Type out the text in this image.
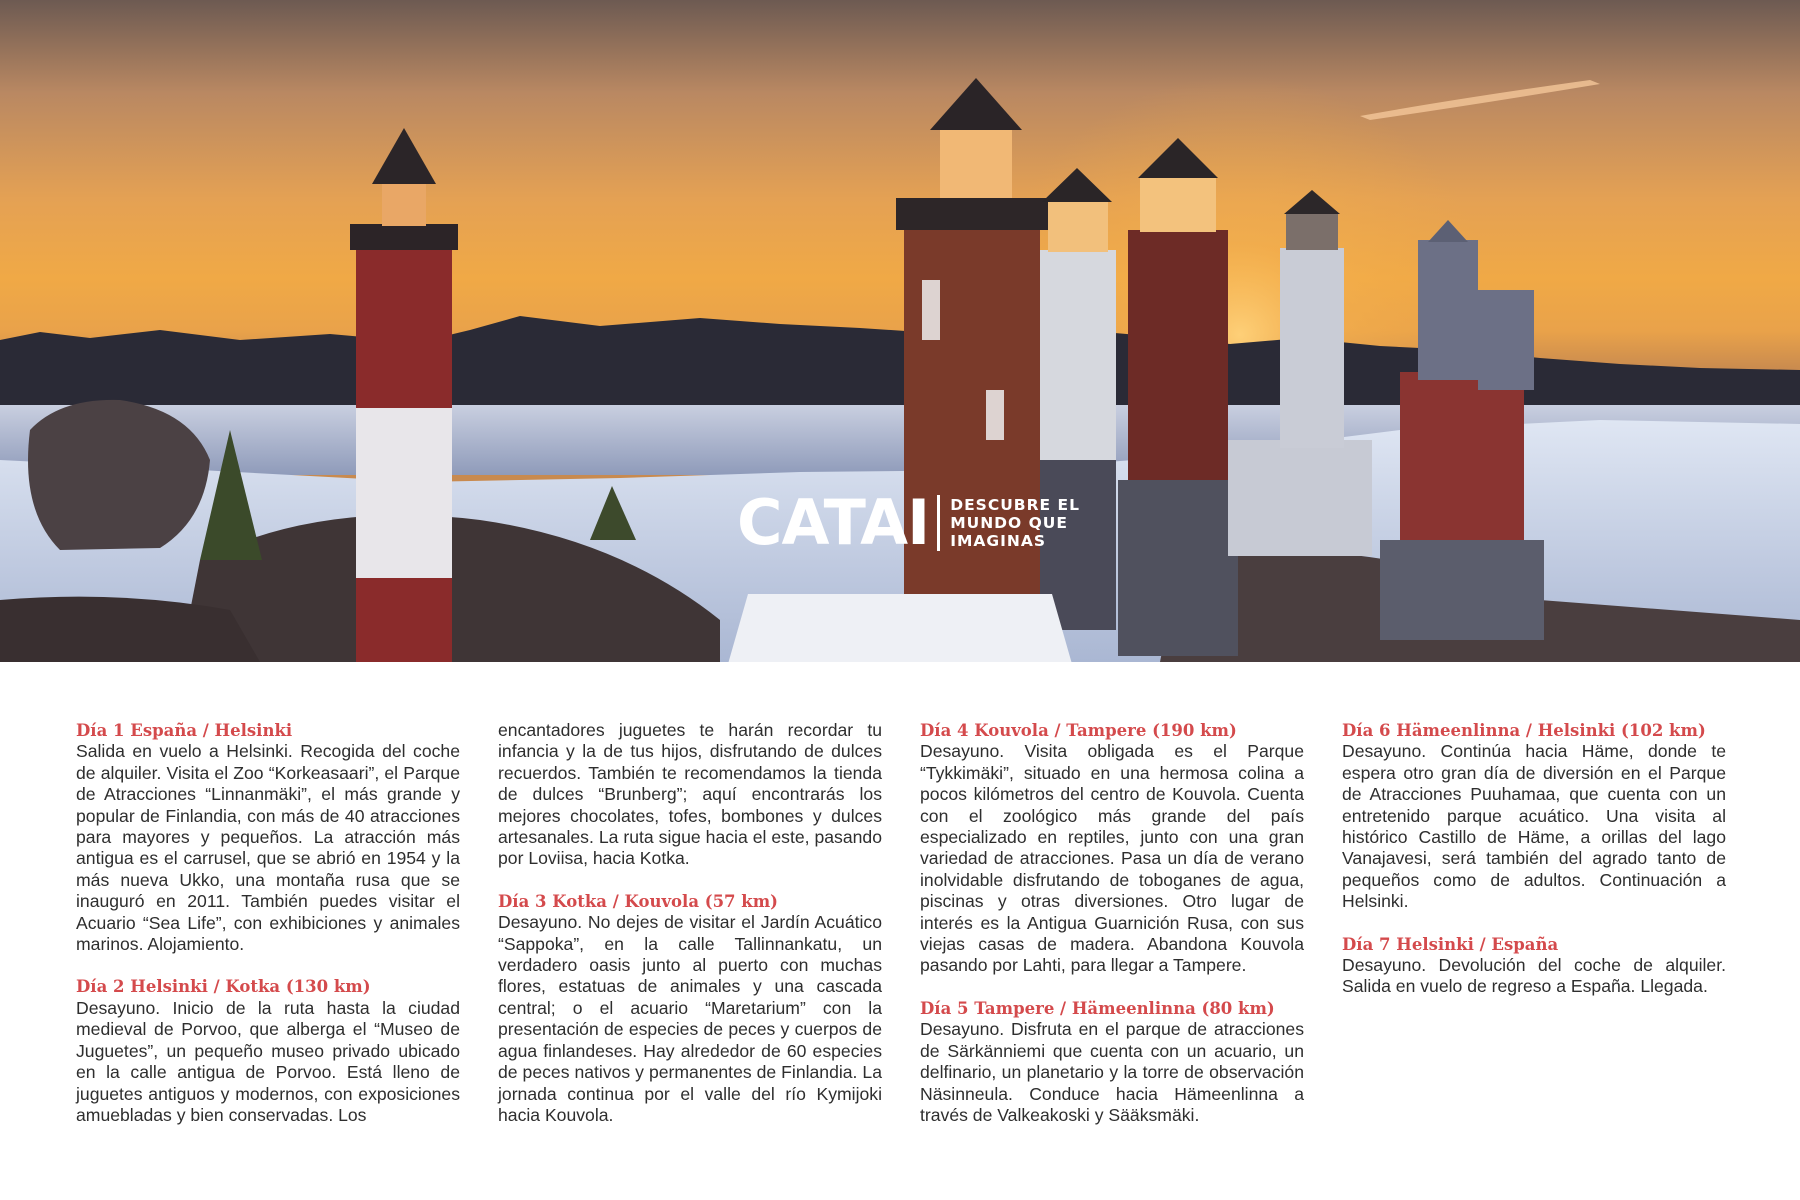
CATAI DESCUBRE EL
MUNDO QUE
IMAGINAS

Día 1 España / Helsinki

Salida en vuelo a Helsinki. Recogida del coche de alquiler. Visita el Zoo “Korkeasaari”, el Parque de Atracciones “Linnanmäki”, el más grande y popular de Finlandia, con más de 40 atracciones para mayores y pequeños. La atracción más antigua es el carrusel, que se abrió en 1954 y la más nueva Ukko, una montaña rusa que se inauguró en 2011. También puedes visitar el Acuario “Sea Life”, con exhibiciones y animales marinos. Alojamiento.

Día 2 Helsinki / Kotka (130 km)

Desayuno. Inicio de la ruta hasta la ciudad medieval de Porvoo, que alberga el “Museo de Juguetes”, un pequeño museo privado ubicado en la calle antigua de Porvoo. Está lleno de juguetes antiguos y modernos, con exposiciones amuebladas y bien conservadas. Los

encantadores juguetes te harán recordar tu infancia y la de tus hijos, disfrutando de dulces recuerdos. También te recomendamos la tienda de dulces “Brunberg”; aquí encontrarás los mejores chocolates, tofes, bombones y dulces artesanales. La ruta sigue hacia el este, pasando por Loviisa, hacia Kotka.

Día 3 Kotka / Kouvola (57 km)

Desayuno. No dejes de visitar el Jardín Acuático “Sappoka”, en la calle Tallinnankatu, un verdadero oasis junto al puerto con muchas flores, estatuas de animales y una cascada central; o el acuario “Maretarium” con la presentación de especies de peces y cuerpos de agua finlandeses. Hay alrededor de 60 especies de peces nativos y permanentes de Finlandia. La jornada continua por el valle del río Kymijoki hacia Kouvola.

Día 4 Kouvola / Tampere (190 km)

Desayuno. Visita obligada es el Parque “Tykkimäki”, situado en una hermosa colina a pocos kilómetros del centro de Kouvola. Cuenta con el zoológico más grande del país especializado en reptiles, junto con una gran variedad de atracciones. Pasa un día de verano inolvidable disfrutando de toboganes de agua, piscinas y otras diversiones. Otro lugar de interés es la Antigua Guarnición Rusa, con sus viejas casas de madera. Abandona Kouvola pasando por Lahti, para llegar a Tampere.

Día 5 Tampere / Hämeenlinna (80 km)

Desayuno. Disfruta en el parque de atracciones de Särkänniemi que cuenta con un acuario, un delfinario, un planetario y la torre de observación Näsinneula. Conduce hacia Hämeenlinna a través de Valkeakoski y Sääksmäki.

Día 6 Hämeenlinna / Helsinki (102 km)

Desayuno. Continúa hacia Häme, donde te espera otro gran día de diversión en el Parque de Atracciones Puuhamaa, que cuenta con un entretenido parque acuático. Una visita al histórico Castillo de Häme, a orillas del lago Vanajavesi, será también del agrado tanto de pequeños como de adultos. Continuación a Helsinki.

Día 7 Helsinki / España

Desayuno. Devolución del coche de alquiler. Salida en vuelo de regreso a España. Llegada.
